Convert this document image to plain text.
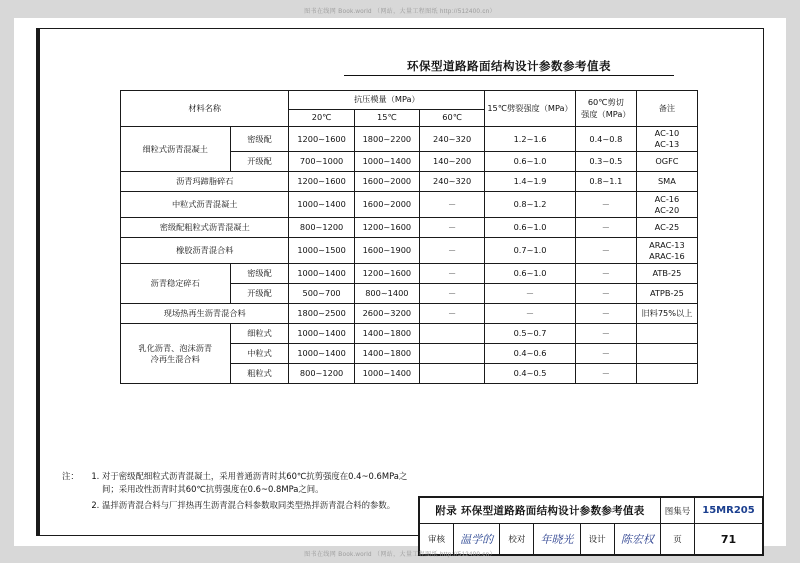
图书在线网 Book.world （网站，大量工程图纸 http://512400.cn）
环保型道路路面结构设计参数参考值表
材料名称		抗压模量（MPa）			15℃劈裂强度（MPa）	60℃剪切
强度（MPa）	备注
		20℃	15℃	60℃			
细粒式沥青混凝土	密级配	1200~1600	1800~2200	240~320	1.2~1.6	0.4~0.8	AC-10
AC-13

	开级配	700~1000	1000~1400	140~200	0.6~1.0	0.3~0.5	OGFC
沥青玛蹄脂碎石		1200~1600	1600~2000	240~320	1.4~1.9	0.8~1.1	SMA
中粒式沥青混凝土		1000~1400	1600~2000	－	0.8~1.2	－	AC-16
AC-20

密级配粗粒式沥青混凝土		800~1200	1200~1600	－	0.6~1.0	－	AC-25
橡胶沥青混合料		1000~1500	1600~1900	－	0.7~1.0	－	ARAC-13
ARAC-16

沥青稳定碎石	密级配	1000~1400	1200~1600	－	0.6~1.0	－	ATB-25
	开级配	500~700	800~1400	－	－	－	ATPB-25
现场热再生沥青混合料		1800~2500	2600~3200	－	－	－	旧料75%以上

乳化沥青、泡沫沥青
冷再生混合料	细粒式	1000~1400	1400~1800		0.5~0.7	－	
	中粒式	1000~1400	1400~1800		0.4~0.6	－	
	粗粒式	800~1200	1000~1400		0.4~0.5	－	
注：	1. 对于密级配细粒式沥青混凝土，采用普通沥青时其60℃抗剪强度在0.4~0.6MPa之间；采用改性沥青时其60℃抗剪强度在0.6~0.8MPa之间。
2. 温拌沥青混合料与厂拌热再生沥青混合料参数取同类型热拌沥青混合料的参数。
附录 环保型道路路面结构设计参数参考值表						图集号	15MR205
审核	温学的	校对	年晓光	设计	陈宏权	页	71
图书在线网 Book.world （网站，大量工程图纸 http://512400.cn）
